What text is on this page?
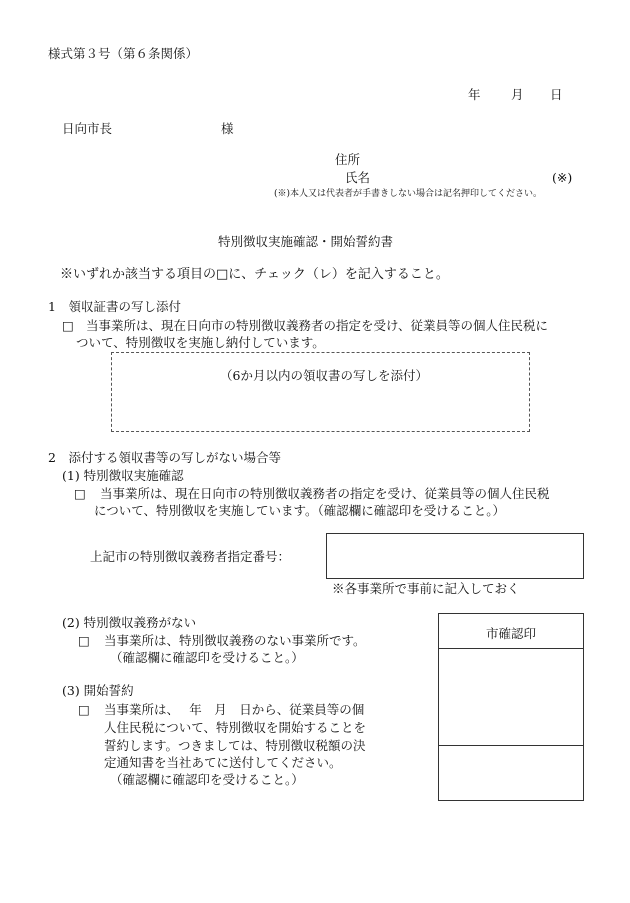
様式第３号（第６条関係）
年 月 日
日向市長	様
住所
氏名	(※)
(※)本人又は代表者が手書きしない場合は記名押印してください。
特別徴収実施確認・開始誓約書
※いずれか該当する項目の□に、チェック（レ）を記入すること。
1　領収証書の写し添付
□ 当事業所は、現在日向市の特別徴収義務者の指定を受け、従業員等の個人住民税に
ついて、特別徴収を実施し納付しています。
（6か月以内の領収書の写しを添付）
2　添付する領収書等の写しがない場合等
(1) 特別徴収実施確認
□ 当事業所は、現在日向市の特別徴収義務者の指定を受け、従業員等の個人住民税
について、特別徴収を実施しています。（確認欄に確認印を受けること。）
上記市の特別徴収義務者指定番号：
※各事業所で事前に記入しておく
(2) 特別徴収義務がない
□ 当事業所は、特別徴収義務のない事業所です。
（確認欄に確認印を受けること。）
(3) 開始誓約
□ 当事業所は、　 年　月　日から、従業員等の個
人住民税について、特別徴収を開始することを
誓約します。つきましては、特別徴収税額の決
定通知書を当社あてに送付してください。
（確認欄に確認印を受けること。）
市確認印
